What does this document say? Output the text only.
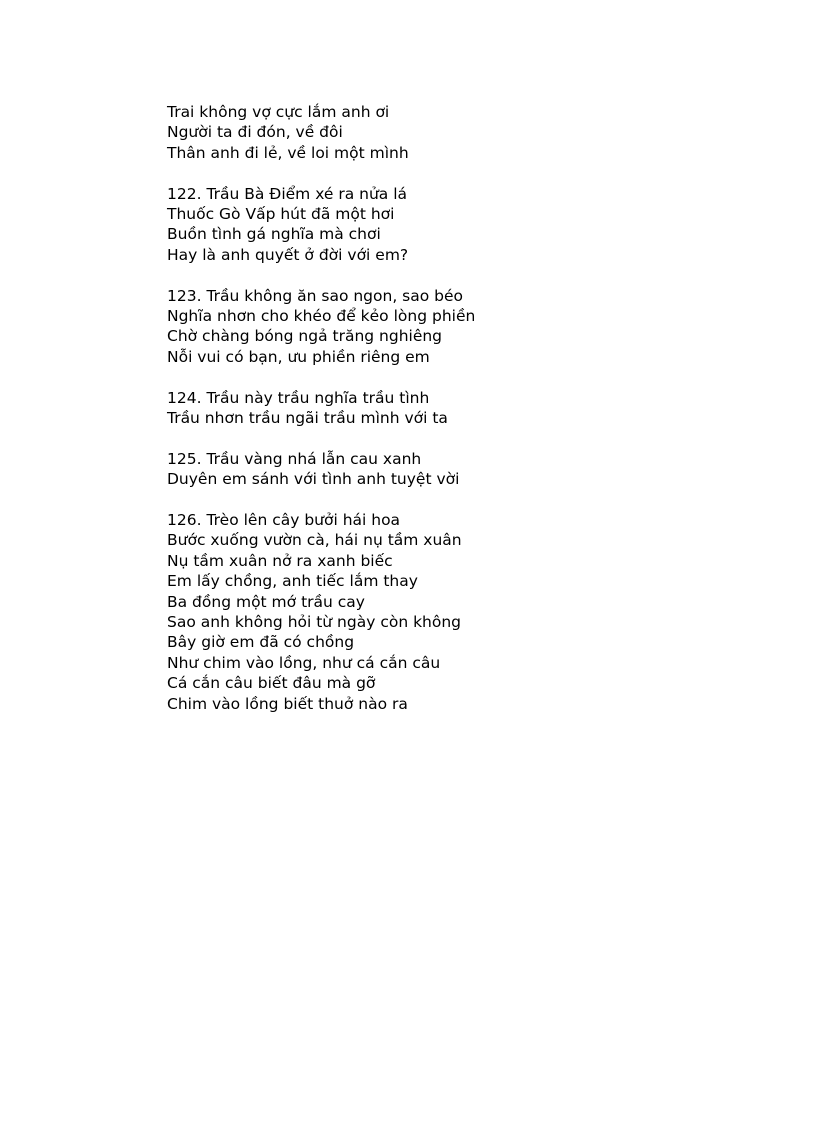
Trai không vợ cực lắm anh ơi
Người ta đi đón, về đôi
Thân anh đi lẻ, về loi một mình
122. Trầu Bà Điểm xé ra nửa lá
Thuốc Gò Vấp hút đã một hơi
Buồn tình gá nghĩa mà chơi
Hay là anh quyết ở đời với em?
123. Trầu không ăn sao ngon, sao béo
Nghĩa nhơn cho khéo để kẻo lòng phiền
Chờ chàng bóng ngả trăng nghiêng
Nỗi vui có bạn, ưu phiền riêng em
124. Trầu này trầu nghĩa trầu tình
Trầu nhơn trầu ngãi trầu mình với ta
125. Trầu vàng nhá lẫn cau xanh
Duyên em sánh với tình anh tuyệt vời
126. Trèo lên cây bưởi hái hoa
Bước xuống vườn cà, hái nụ tầm xuân
Nụ tầm xuân nở ra xanh biếc
Em lấy chồng, anh tiếc lắm thay
Ba đồng một mớ trầu cay
Sao anh không hỏi từ ngày còn không
Bây giờ em đã có chồng
Như chim vào lồng, như cá cắn câu
Cá cắn câu biết đâu mà gỡ
Chim vào lồng biết thuở nào ra
